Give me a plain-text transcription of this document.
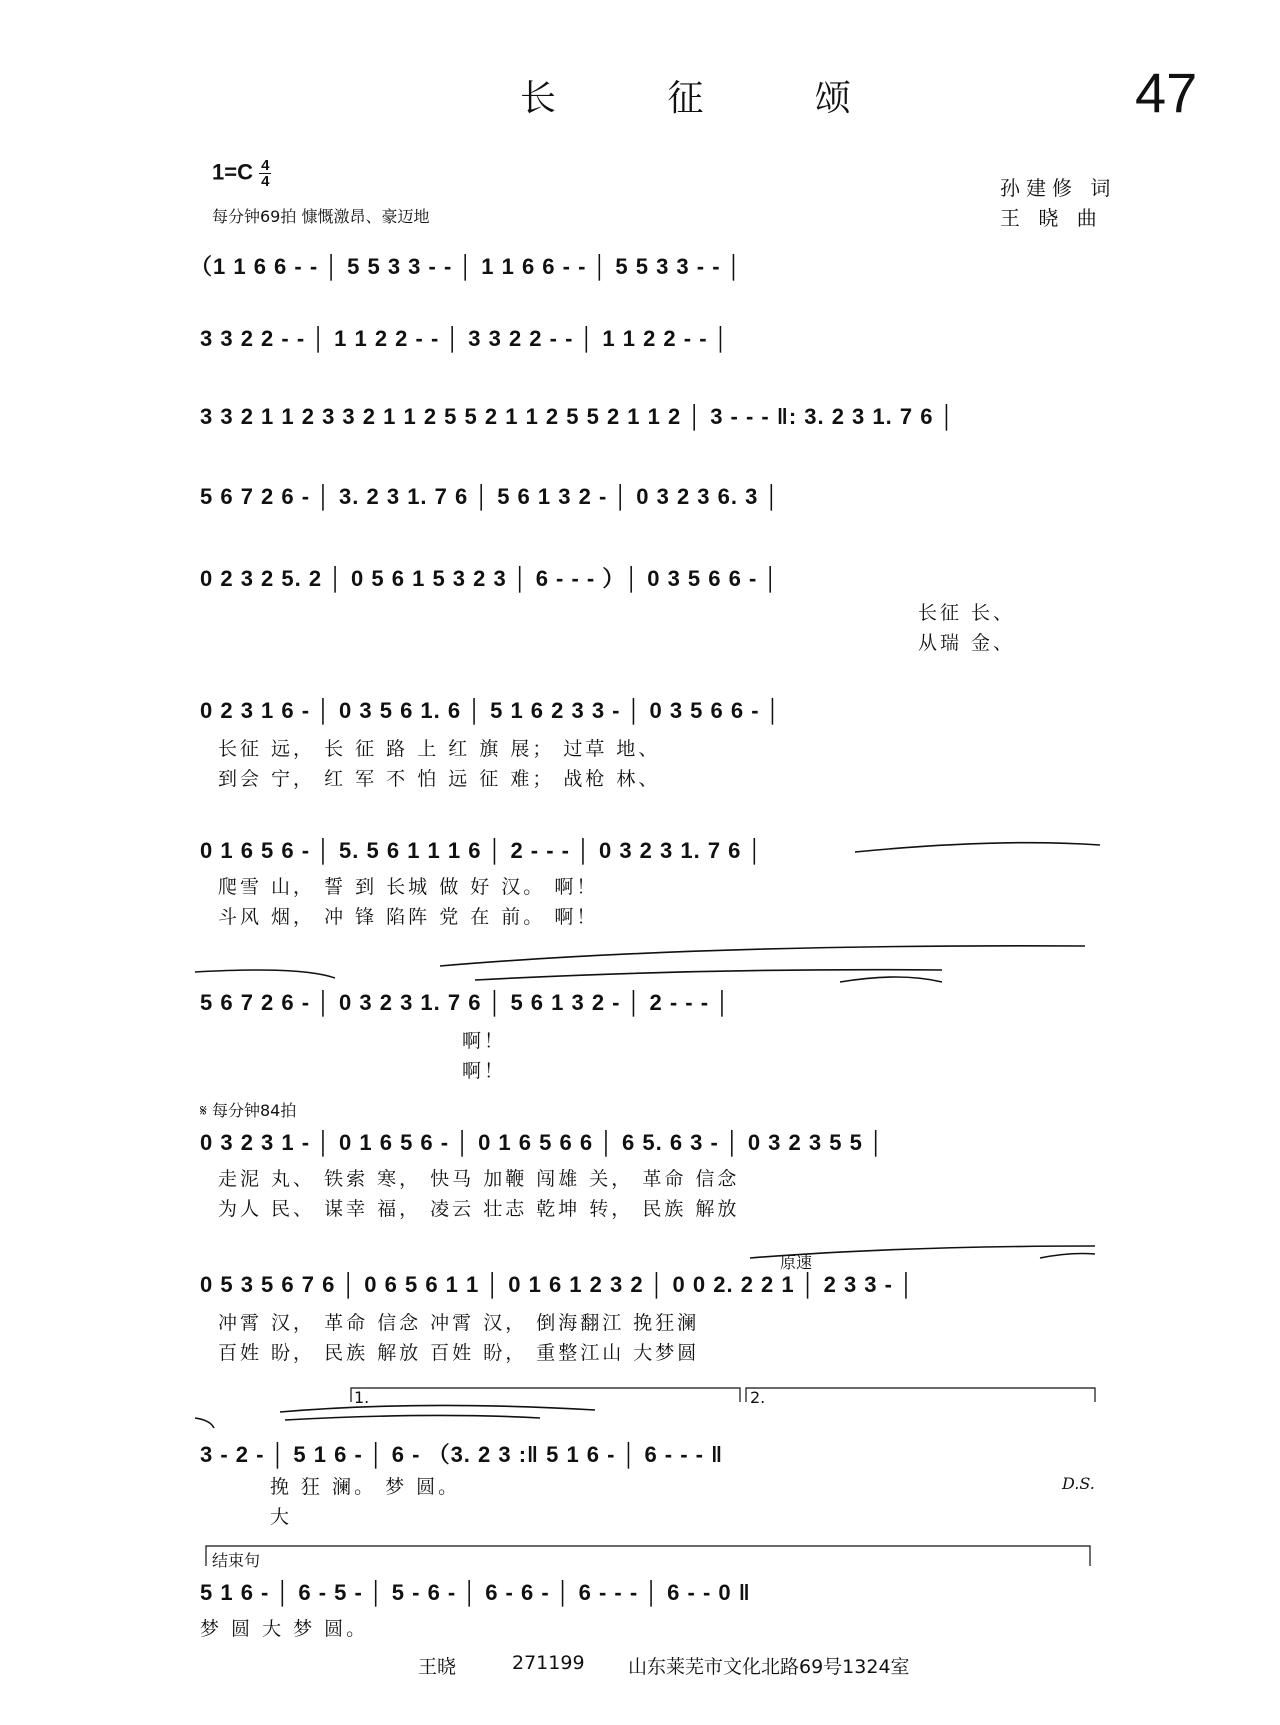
长 征 颂	47
$1=C \frac{4}{4}$
每分钟69拍 慷慨激昂、豪迈地
孙建修 词
王 晓 曲
（1 1 6 6 - - │ 5 5 3 3 - - │ 1 1 6 6 - - │ 5 5 3 3 - - │
3 3 2 2 - - │ 1 1 2 2 - - │ 3 3 2 2 - - │ 1 1 2 2 - - │
3 3 2 1 1 2 3 3 2 1 1 2 5 5 2 1 1 2 5 5 2 1 1 2 │ 3 - - - ‖: 3. 2 3 1. 7 6 │
5 6 7 2 6 - │ 3. 2 3 1. 7 6 │ 5 6 1 3 2 - │ 0 3 2 3 6. 3 │
0 2 3 2 5. 2 │ 0 5 6 1 5 3 2 3 │ 6 - - - ）│ 0 3 5 6 6 - │
长征 长、
从瑞 金、
0 2 3 1 6 - │ 0 3 5 6 1. 6 │ 5 1 6 2 3 3 - │ 0 3 5 6 6 - │
长征 远， 长 征 路 上 红 旗 展； 过草 地、
到会 宁， 红 军 不 怕 远 征 难； 战枪 林、
0 1 6 5 6 - │ 5. 5 6 1 1 1 6 │ 2 - - - │ 0 3 2 3 1. 7 6 │
爬雪 山， 誓 到 长城 做 好 汉。 啊！
斗风 烟， 冲 锋 陷阵 党 在 前。 啊！
5 6 7 2 6 - │ 0 3 2 3 1. 7 6 │ 5 6 1 3 2 - │ 2 - - - │
啊！
啊！
𝄋 每分钟84拍
0 3 2 3 1 - │ 0 1 6 5 6 - │ 0 1 6 5 6 6 │ 6 5. 6 3 - │ 0 3 2 3 5 5 │
走泥 丸、 铁索 寒， 快马 加鞭 闯雄 关， 革命 信念
为人 民、 谋幸 福， 凌云 壮志 乾坤 转， 民族 解放
原速
0 5 3 5 6 7 6 │ 0 6 5 6 1 1 │ 0 1 6 1 2 3 2 │ 0 0 2. 2 2 1 │ 2 3 3 - │
冲霄 汉， 革命 信念 冲霄 汉， 倒海翻江 挽狂澜
百姓 盼， 民族 解放 百姓 盼， 重整江山 大梦圆
1.	2.
3 - 2 - │ 5 1 6 - │ 6 - （3. 2 3 :‖ 5 1 6 - │ 6 - - - ‖
挽 狂 澜。 梦 圆。
大
D.S.
结束句
5 1 6 - │ 6 - 5 - │ 5 - 6 - │ 6 - 6 - │ 6 - - - │ 6 - - 0 ‖
梦 圆 大 梦 圆。
王晓	271199 山东莱芜市文化北路69号1324室
